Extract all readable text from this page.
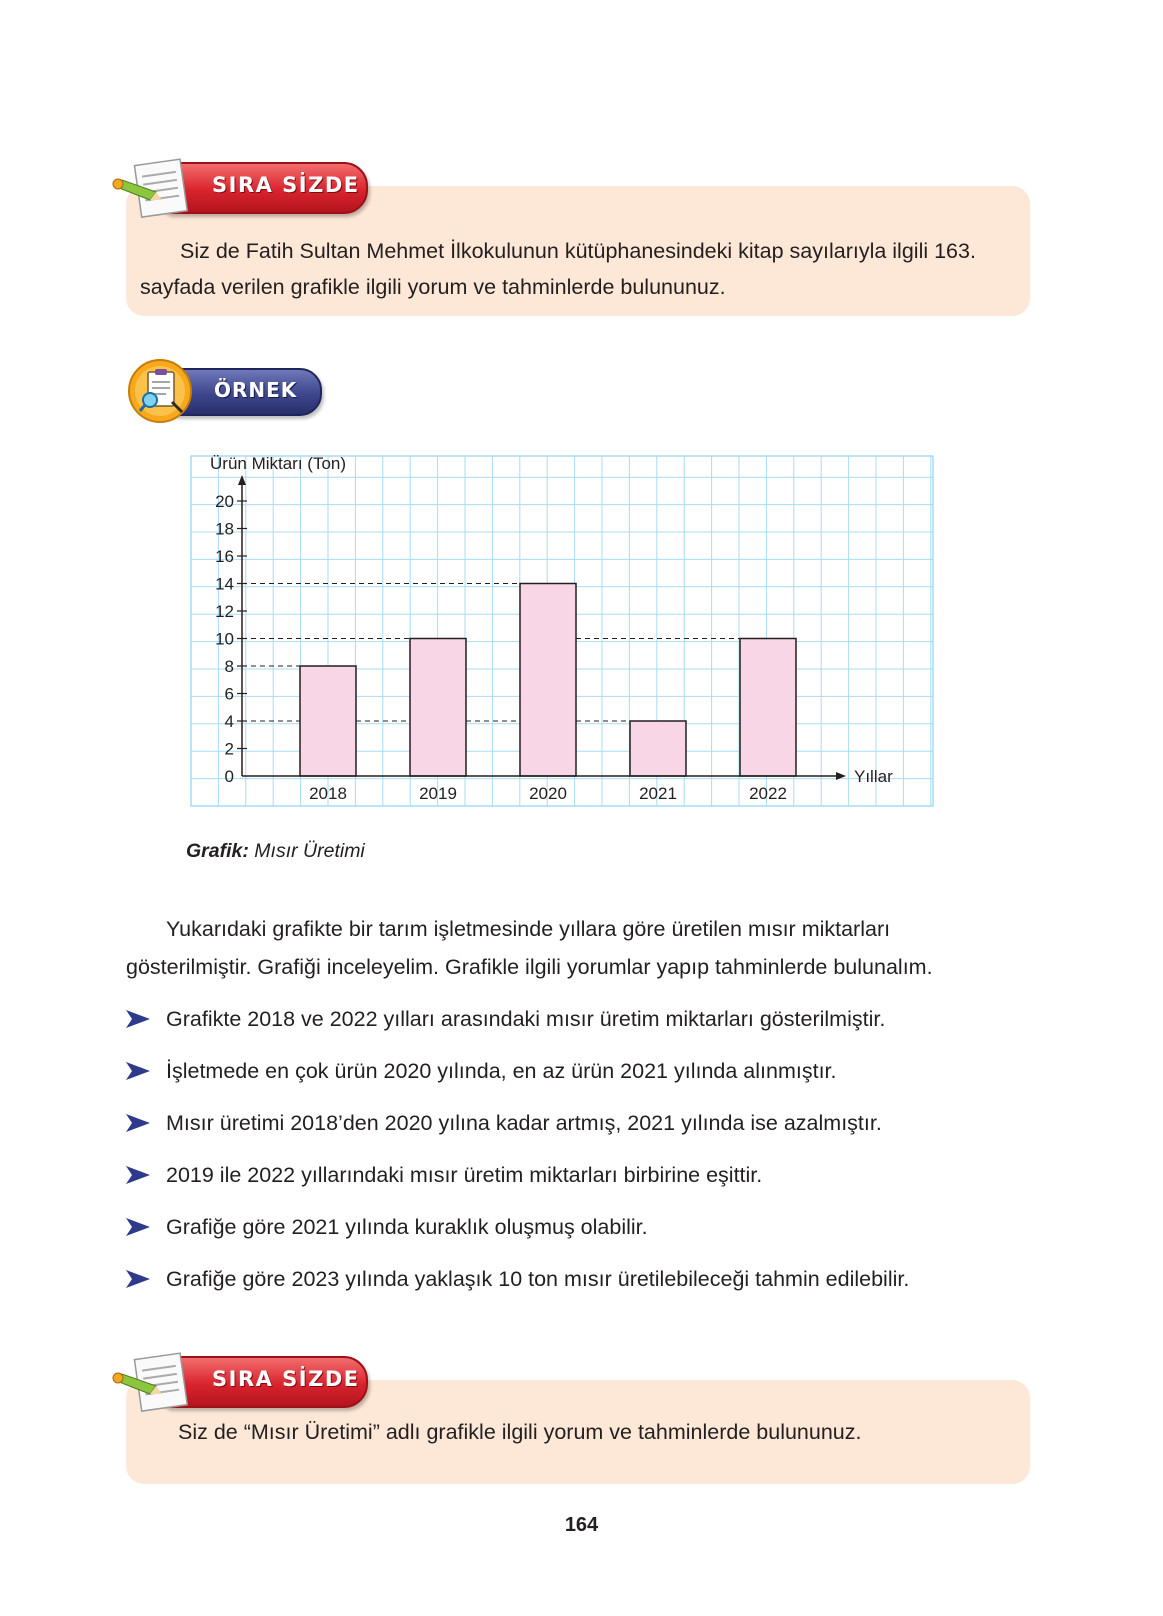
Siz de Fatih Sultan Mehmet İlkokulunun kütüphanesindeki kitap sayılarıyla ilgili 163. sayfada verilen grafikle ilgili yorum ve tahminlerde bulununuz.
SIRA SİZDE
ÖRNEK
0
2
4
6
8
10
12
14
16
18
20
2018	2019	2020	2021	2022
Ürün Miktarı (Ton)
Yıllar
Grafik: Mısır Üretimi
Yukarıdaki grafikte bir tarım işletmesinde yıllara göre üretilen mısır miktarları gösterilmiştir. Grafiği inceleyelim. Grafikle ilgili yorumlar yapıp tahminlerde bulunalım.
Grafikte 2018 ve 2022 yılları arasındaki mısır üretim miktarları gösterilmiştir.
İşletmede en çok ürün 2020 yılında, en az ürün 2021 yılında alınmıştır.
Mısır üretimi 2018’den 2020 yılına kadar artmış, 2021 yılında ise azalmıştır.
2019 ile 2022 yıllarındaki mısır üretim miktarları birbirine eşittir.
Grafiğe göre 2021 yılında kuraklık oluşmuş olabilir.
Grafiğe göre 2023 yılında yaklaşık 10 ton mısır üretilebileceği tahmin edilebilir.
Siz de “Mısır Üretimi” adlı grafikle ilgili yorum ve tahminlerde bulununuz.
SIRA SİZDE
164
